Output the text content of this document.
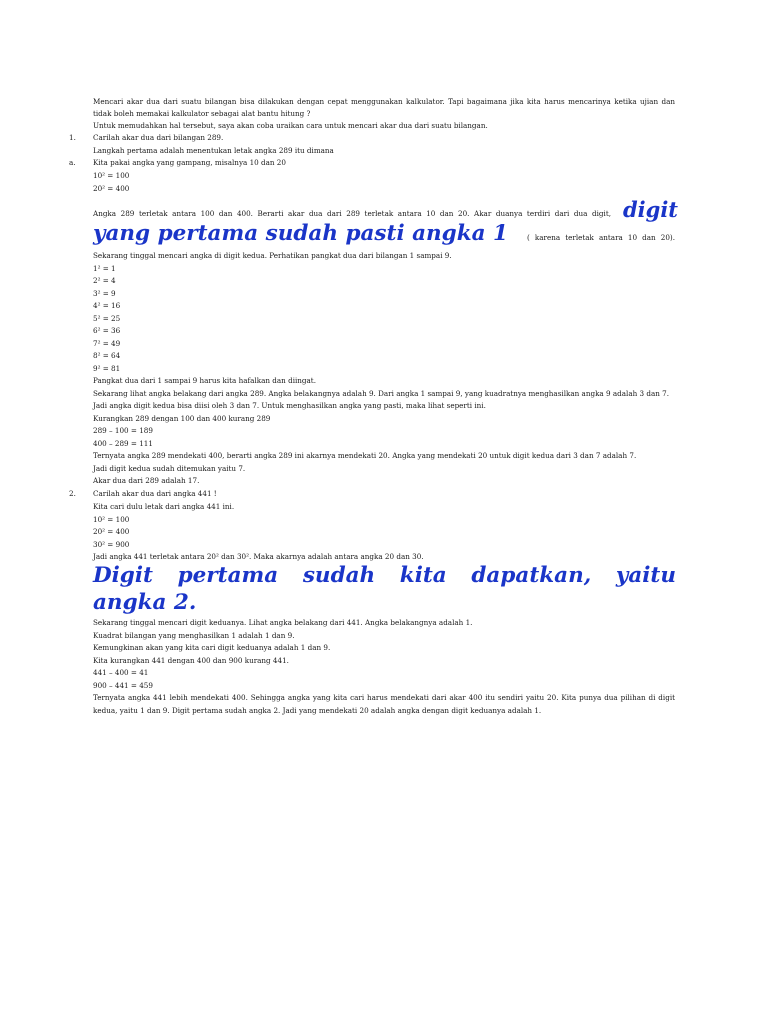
Mencari akar dua dari suatu bilangan bisa dilakukan dengan cepat menggunakan kalkulator. Tapi bagaimana jika kita harus mencarinya ketika ujian dan
tidak boleh memakai kalkulator sebagai alat bantu hitung ?
Untuk memudahkan hal tersebut, saya akan coba uraikan cara untuk mencari akar dua dari suatu bilangan.
1. Carilah akar dua dari bilangan 289.
Langkah pertama adalah menentukan letak angka 289 itu dimana
a. Kita pakai angka yang gampang, misalnya 10 dan 20
10² = 100
20² = 400
Angka 289 terletak antara 100 dan 400. Berarti akar dua dari 289 terletak antara 10 dan 20. Akar duanya terdiri dari dua digit, digit
yang pertama sudah pasti angka 1	( karena terletak antara 10 dan 20).
Sekarang tinggal mencari angka di digit kedua. Perhatikan pangkat dua dari bilangan 1 sampai 9.
1² = 1
2² = 4
3² = 9
4² = 16
5² = 25
6² = 36
7² = 49
8² = 64
9² = 81
Pangkat dua dari 1 sampai 9 harus kita hafalkan dan diingat.
Sekarang lihat angka belakang dari angka 289. Angka belakangnya adalah 9. Dari angka 1 sampai 9, yang kuadratnya menghasilkan angka 9 adalah 3 dan 7.
Jadi angka digit kedua bisa diisi oleh 3 dan 7. Untuk menghasilkan angka yang pasti, maka lihat seperti ini.
Kurangkan 289 dengan 100 dan 400 kurang 289
289 – 100 = 189
400 – 289 = 111
Ternyata angka 289 mendekati 400, berarti angka 289 ini akarnya mendekati 20. Angka yang mendekati 20 untuk digit kedua dari 3 dan 7 adalah 7.
Jadi digit kedua sudah ditemukan yaitu 7.
Akar dua dari 289 adalah 17.
2. Carilah akar dua dari angka 441 !
Kita cari dulu letak dari angka 441 ini.
10² = 100
20² = 400
30² = 900
Jadi angka 441 terletak antara 20² dan 30². Maka akarnya adalah antara angka 20 dan 30.
Digit pertama sudah kita dapatkan, yaitu
angka 2.
Sekarang tinggal mencari digit keduanya. Lihat angka belakang dari 441. Angka belakangnya adalah 1.
Kuadrat bilangan yang menghasilkan 1 adalah 1 dan 9.
Kemungkinan akan yang kita cari digit keduanya adalah 1 dan 9.
Kita kurangkan 441 dengan 400 dan 900 kurang 441.
441 – 400 = 41
900 – 441 = 459
Ternyata angka 441 lebih mendekati 400. Sehingga angka yang kita cari harus mendekati dari akar 400 itu sendiri yaitu 20. Kita punya dua pilihan di digit
kedua, yaitu 1 dan 9. Digit pertama sudah angka 2. Jadi yang mendekati 20 adalah angka dengan digit keduanya adalah 1.
